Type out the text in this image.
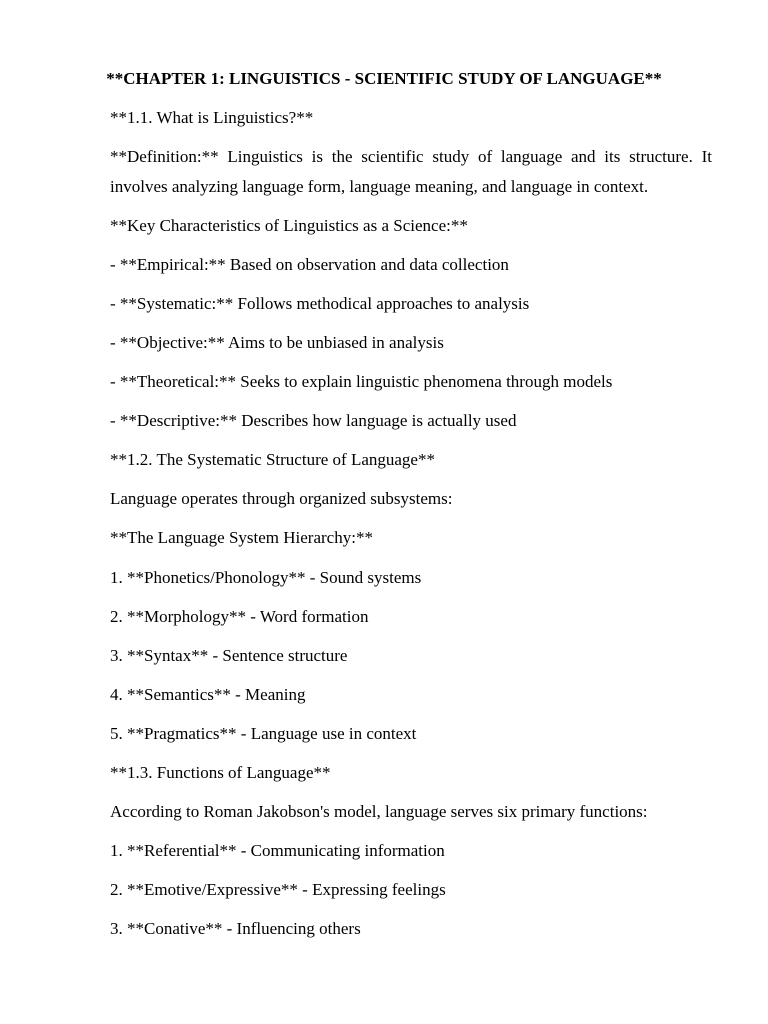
**CHAPTER 1: LINGUISTICS - SCIENTIFIC STUDY OF LANGUAGE**
**1.1. What is Linguistics?**
**Definition:** Linguistics is the scientific study of language and its structure. It involves analyzing language form, language meaning, and language in context.
**Key Characteristics of Linguistics as a Science:**
- **Empirical:** Based on observation and data collection
- **Systematic:** Follows methodical approaches to analysis
- **Objective:** Aims to be unbiased in analysis
- **Theoretical:** Seeks to explain linguistic phenomena through models
- **Descriptive:** Describes how language is actually used
**1.2. The Systematic Structure of Language**
Language operates through organized subsystems:
**The Language System Hierarchy:**
1. **Phonetics/Phonology** - Sound systems
2. **Morphology** - Word formation
3. **Syntax** - Sentence structure
4. **Semantics** - Meaning
5. **Pragmatics** - Language use in context
**1.3. Functions of Language**
According to Roman Jakobson's model, language serves six primary functions:
1. **Referential** - Communicating information
2. **Emotive/Expressive** - Expressing feelings
3. **Conative** - Influencing others
